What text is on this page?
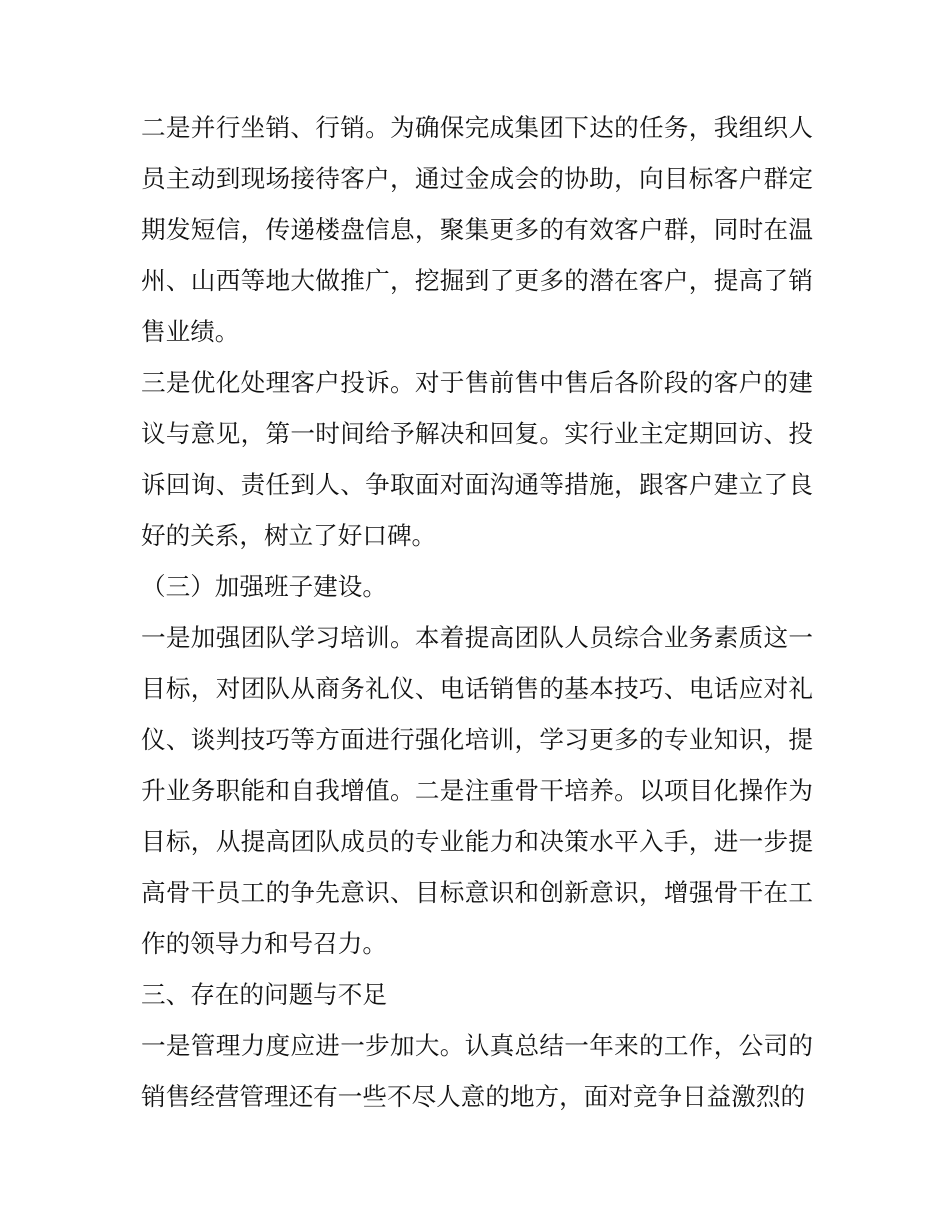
二是并行坐销、行销。为确保完成集团下达的任务，我组织人员主动到现场接待客户，通过金成会的协助，向目标客户群定期发短信，传递楼盘信息，聚集更多的有效客户群，同时在温州、山西等地大做推广，挖掘到了更多的潜在客户，提高了销售业绩。

三是优化处理客户投诉。对于售前售中售后各阶段的客户的建议与意见，第一时间给予解决和回复。实行业主定期回访、投诉回询、责任到人、争取面对面沟通等措施，跟客户建立了良好的关系，树立了好口碑。

（三）加强班子建设。

一是加强团队学习培训。本着提高团队人员综合业务素质这一目标，对团队从商务礼仪、电话销售的基本技巧、电话应对礼仪、谈判技巧等方面进行强化培训，学习更多的专业知识，提升业务职能和自我增值。二是注重骨干培养。以项目化操作为目标，从提高团队成员的专业能力和决策水平入手，进一步提高骨干员工的争先意识、目标意识和创新意识，增强骨干在工作的领导力和号召力。

三、存在的问题与不足

一是管理力度应进一步加大。认真总结一年来的工作，公司的销售经营管理还有一些不尽人意的地方，面对竞争日益激烈的
